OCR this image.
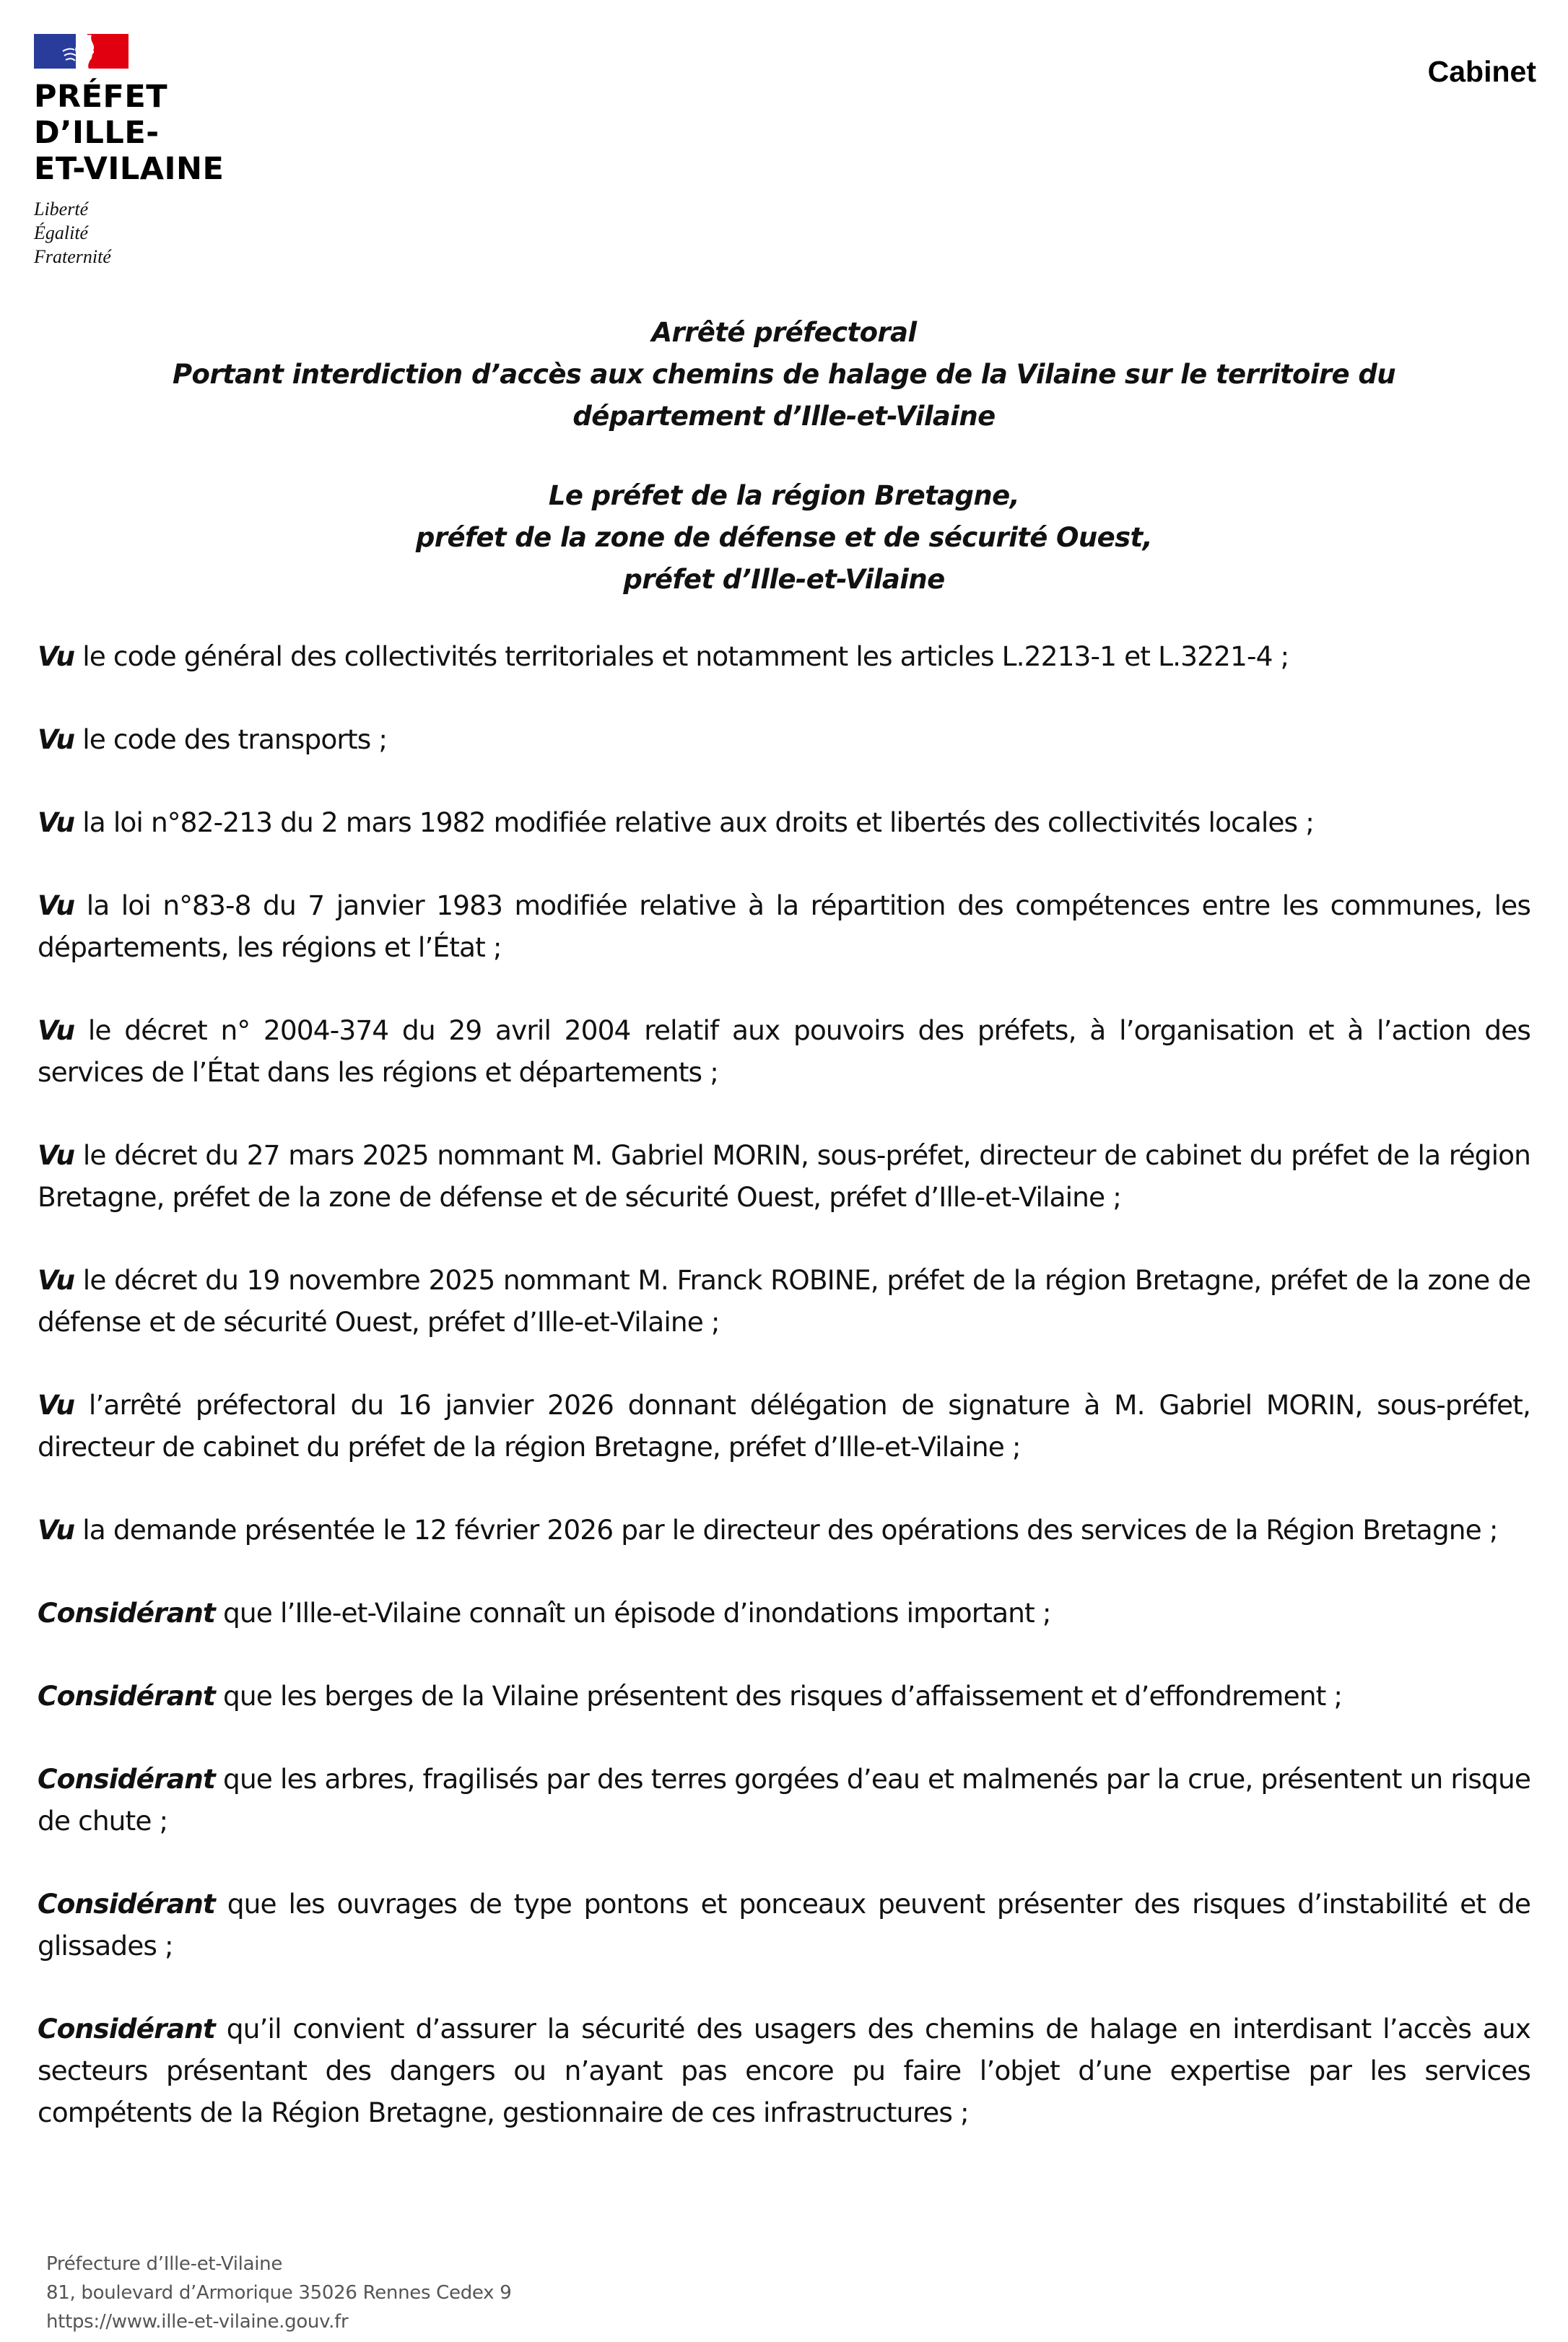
PRÉFET
D’ILLE-
ET-VILAINE
Liberté
Égalité
Fraternité
Cabinet
Arrêté préfectoral
Portant interdiction d’accès aux chemins de halage de la Vilaine sur le territoire du
département d’Ille-et-Vilaine
Le préfet de la région Bretagne,
préfet de la zone de défense et de sécurité Ouest,
préfet d’Ille-et-Vilaine

Vu le code général des collectivités territoriales et notamment les articles L.2213-1 et L.3221-4 ;

Vu le code des transports ;

Vu la loi n°82-213 du 2 mars 1982 modifiée relative aux droits et libertés des collectivités locales ;

Vu la loi n°83-8 du 7 janvier 1983 modifiée relative à la répartition des compétences entre les communes, les départements, les régions et l’État ;

Vu le décret n° 2004-374 du 29 avril 2004 relatif aux pouvoirs des préfets, à l’organisation et à l’action des services de l’État dans les régions et départements ;

Vu le décret du 27 mars 2025 nommant M. Gabriel MORIN, sous-préfet, directeur de cabinet du préfet de la région Bretagne, préfet de la zone de défense et de sécurité Ouest, préfet d’Ille-et-Vilaine ;

Vu le décret du 19 novembre 2025 nommant M. Franck ROBINE, préfet de la région Bretagne, préfet de la zone de défense et de sécurité Ouest, préfet d’Ille-et-Vilaine ;

Vu l’arrêté préfectoral du 16 janvier 2026 donnant délégation de signature à M. Gabriel MORIN, sous-préfet, directeur de cabinet du préfet de la région Bretagne, préfet d’Ille-et-Vilaine ;

Vu la demande présentée le 12 février 2026 par le directeur des opérations des services de la Région Bretagne ;

Considérant que l’Ille-et-Vilaine connaît un épisode d’inondations important ;

Considérant que les berges de la Vilaine présentent des risques d’affaissement et d’effondrement ;

Considérant que les arbres, fragilisés par des terres gorgées d’eau et malmenés par la crue, présentent un risque de chute ;

Considérant que les ouvrages de type pontons et ponceaux peuvent présenter des risques d’instabilité et de glissades ;

Considérant qu’il convient d’assurer la sécurité des usagers des chemins de halage en interdisant l’accès aux secteurs présentant des dangers ou n’ayant pas encore pu faire l’objet d’une expertise par les services compétents de la Région Bretagne, gestionnaire de ces infrastructures ;

Préfecture d’Ille-et-Vilaine
81, boulevard d’Armorique 35026 Rennes Cedex 9
https://www.ille-et-vilaine.gouv.fr
